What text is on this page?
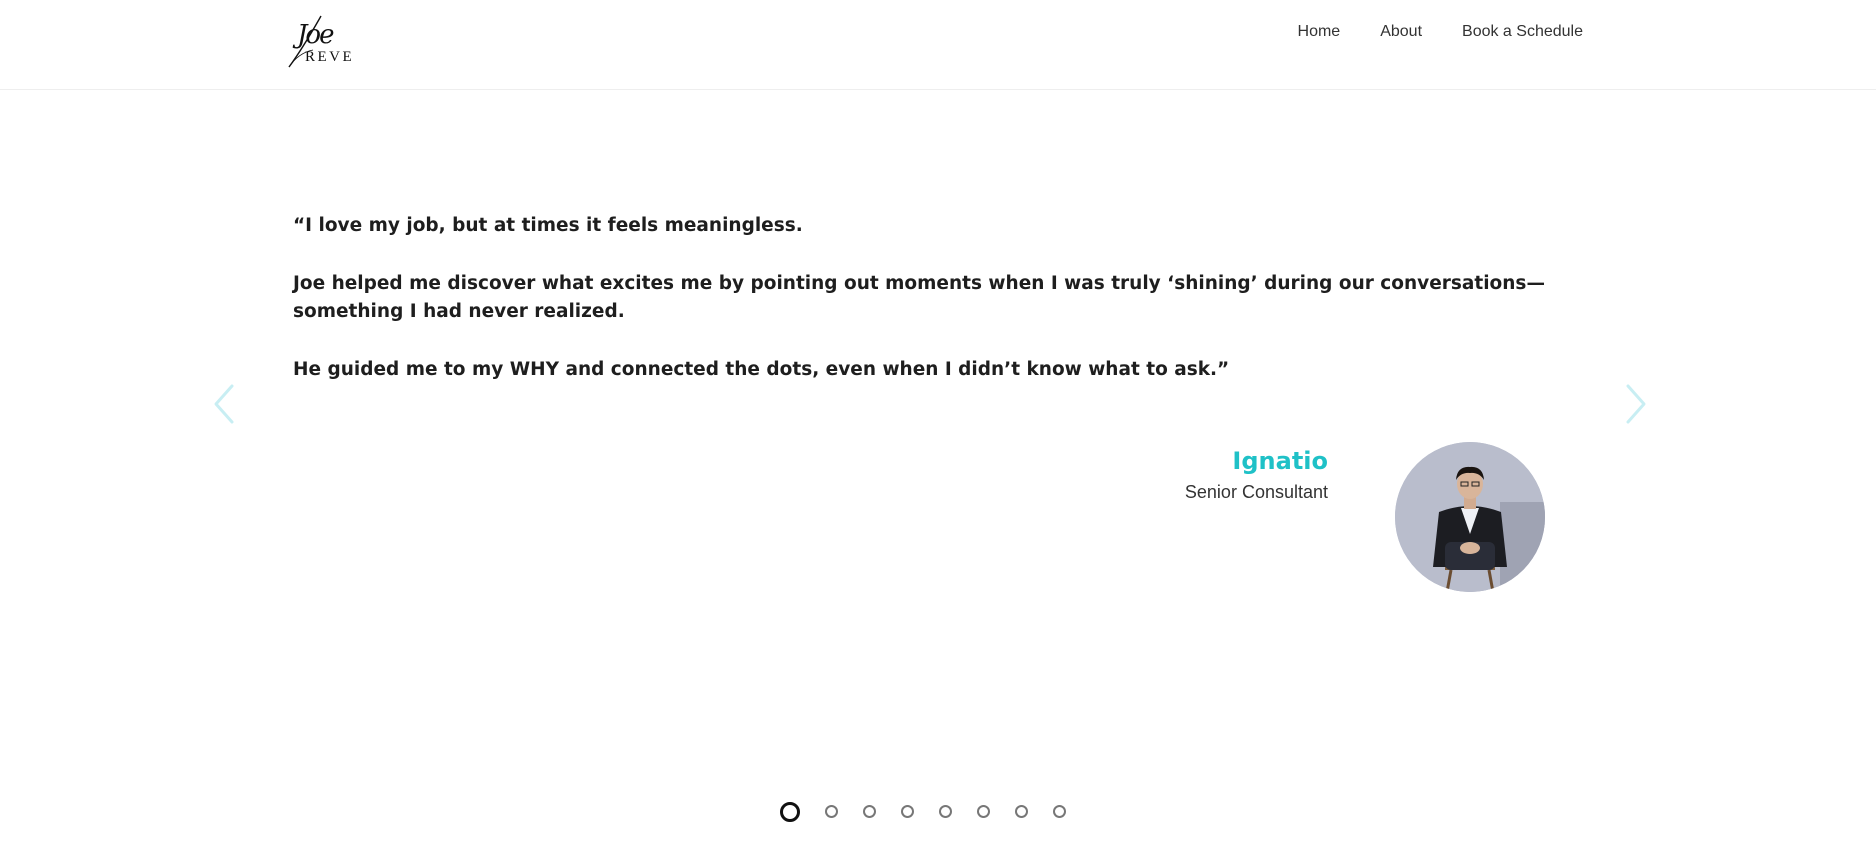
Joe
REVE
Home	About	Book a Schedule

“I love my job, but at times it feels meaningless.

Joe helped me discover what excites me by pointing out moments when I was truly ‘shining’ during our conversations—something I had never realized.

He guided me to my WHY and connected the dots, even when I didn’t know what to ask.”

Ignatio
Senior Consultant
